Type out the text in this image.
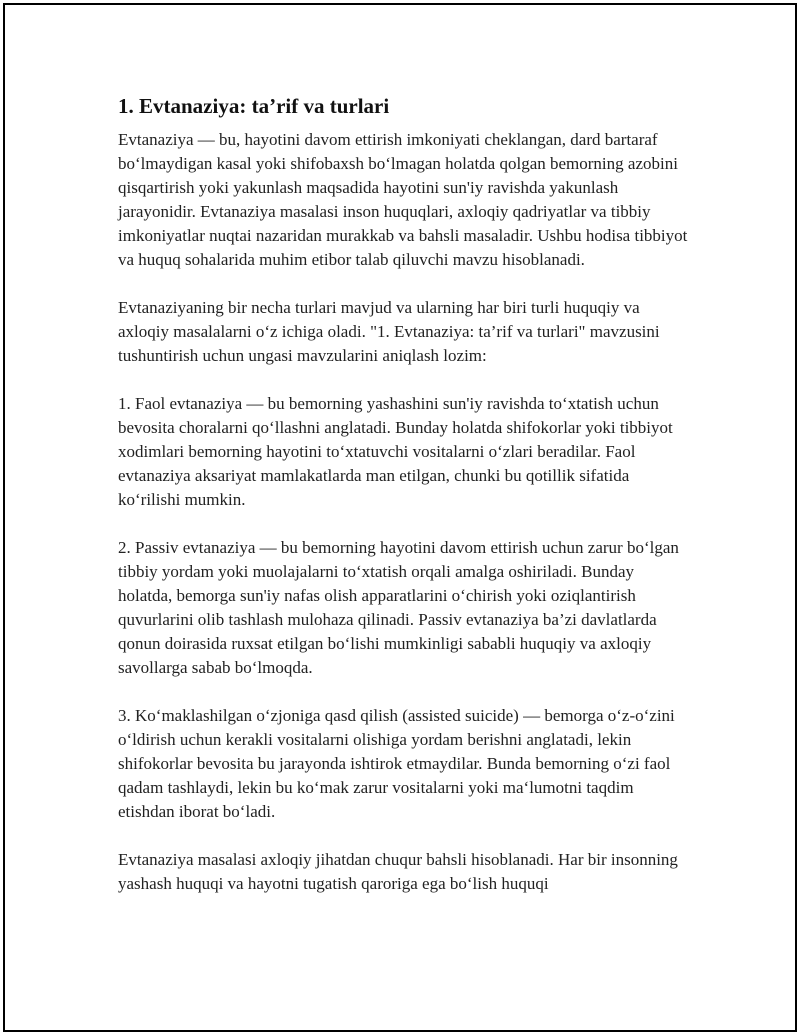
1. Evtanaziya: ta’rif va turlari

Evtanaziya — bu, hayotini davom ettirish imkoniyati cheklangan, dard bartaraf boʻlmaydigan kasal yoki shifobaxsh boʻlmagan holatda qolgan bemorning azobini qisqartirish yoki yakunlash maqsadida hayotini sun'iy ravishda yakunlash jarayonidir. Evtanaziya masalasi inson huquqlari, axloqiy qadriyatlar va tibbiy imkoniyatlar nuqtai nazaridan murakkab va bahsli masaladir. Ushbu hodisa tibbiyot va huquq sohalarida muhim etibor talab qiluvchi mavzu hisoblanadi.

Evtanaziyaning bir necha turlari mavjud va ularning har biri turli huquqiy va axloqiy masalalarni oʻz ichiga oladi. "1. Evtanaziya: ta’rif va turlari" mavzusini tushuntirish uchun ungasi mavzularini aniqlash lozim:

1. Faol evtanaziya — bu bemorning yashashini sun'iy ravishda toʻxtatish uchun bevosita choralarni qoʻllashni anglatadi. Bunday holatda shifokorlar yoki tibbiyot xodimlari bemorning hayotini toʻxtatuvchi vositalarni oʻzlari beradilar. Faol evtanaziya aksariyat mamlakatlarda man etilgan, chunki bu qotillik sifatida koʻrilishi mumkin.

2. Passiv evtanaziya — bu bemorning hayotini davom ettirish uchun zarur boʻlgan tibbiy yordam yoki muolajalarni toʻxtatish orqali amalga oshiriladi. Bunday holatda, bemorga sun'iy nafas olish apparatlarini oʻchirish yoki oziqlantirish quvurlarini olib tashlash mulohaza qilinadi. Passiv evtanaziya ba’zi davlatlarda qonun doirasida ruxsat etilgan boʻlishi mumkinligi sababli huquqiy va axloqiy savollarga sabab boʻlmoqda.

3. Koʻmaklashilgan oʻzjoniga qasd qilish (assisted suicide) — bemorga oʻz-oʻzini oʻldirish uchun kerakli vositalarni olishiga yordam berishni anglatadi, lekin shifokorlar bevosita bu jarayonda ishtirok etmaydilar. Bunda bemorning oʻzi faol qadam tashlaydi, lekin bu koʻmak zarur vositalarni yoki maʻlumotni taqdim etishdan iborat boʻladi.

Evtanaziya masalasi axloqiy jihatdan chuqur bahsli hisoblanadi. Har bir insonning yashash huquqi va hayotni tugatish qaroriga ega boʻlish huquqi
